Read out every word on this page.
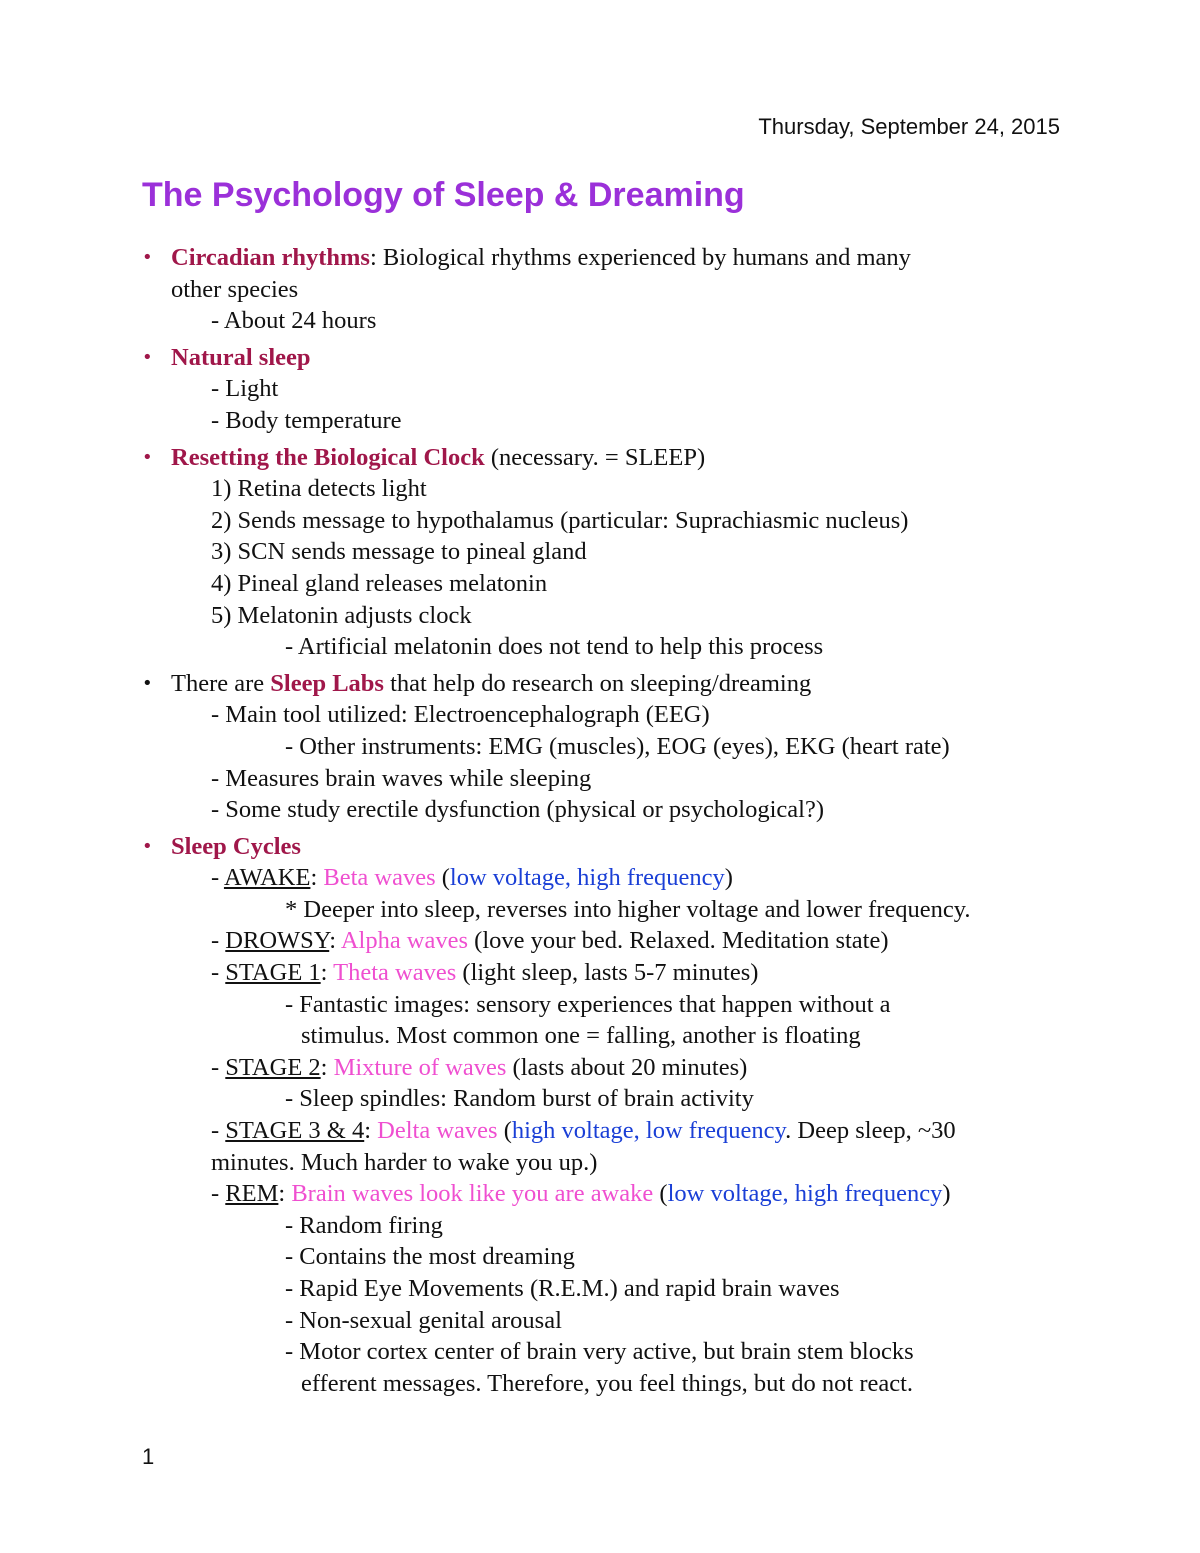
Thursday, September 24, 2015
The Psychology of Sleep & Dreaming
• Circadian rhythms: Biological rhythms experienced by humans and many
other species
- About 24 hours
• Natural sleep
- Light
- Body temperature
• Resetting the Biological Clock (necessary. = SLEEP)
1) Retina detects light
2) Sends message to hypothalamus (particular: Suprachiasmic nucleus)
3) SCN sends message to pineal gland
4) Pineal gland releases melatonin
5) Melatonin adjusts clock
- Artificial melatonin does not tend to help this process
• There are Sleep Labs that help do research on sleeping/dreaming
- Main tool utilized: Electroencephalograph (EEG)
- Other instruments: EMG (muscles), EOG (eyes), EKG (heart rate)
- Measures brain waves while sleeping
- Some study erectile dysfunction (physical or psychological?)
• Sleep Cycles
- AWAKE: Beta waves (low voltage, high frequency)
* Deeper into sleep, reverses into higher voltage and lower frequency.
- DROWSY: Alpha waves (love your bed. Relaxed. Meditation state)
- STAGE 1: Theta waves (light sleep, lasts 5-7 minutes)
- Fantastic images: sensory experiences that happen without a
stimulus. Most common one = falling, another is floating
- STAGE 2: Mixture of waves (lasts about 20 minutes)
- Sleep spindles: Random burst of brain activity
- STAGE 3 & 4: Delta waves (high voltage, low frequency. Deep sleep, ~30
minutes. Much harder to wake you up.)
- REM: Brain waves look like you are awake (low voltage, high frequency)
- Random firing
- Contains the most dreaming
- Rapid Eye Movements (R.E.M.) and rapid brain waves
- Non-sexual genital arousal
- Motor cortex center of brain very active, but brain stem blocks
efferent messages. Therefore, you feel things, but do not react.
1
